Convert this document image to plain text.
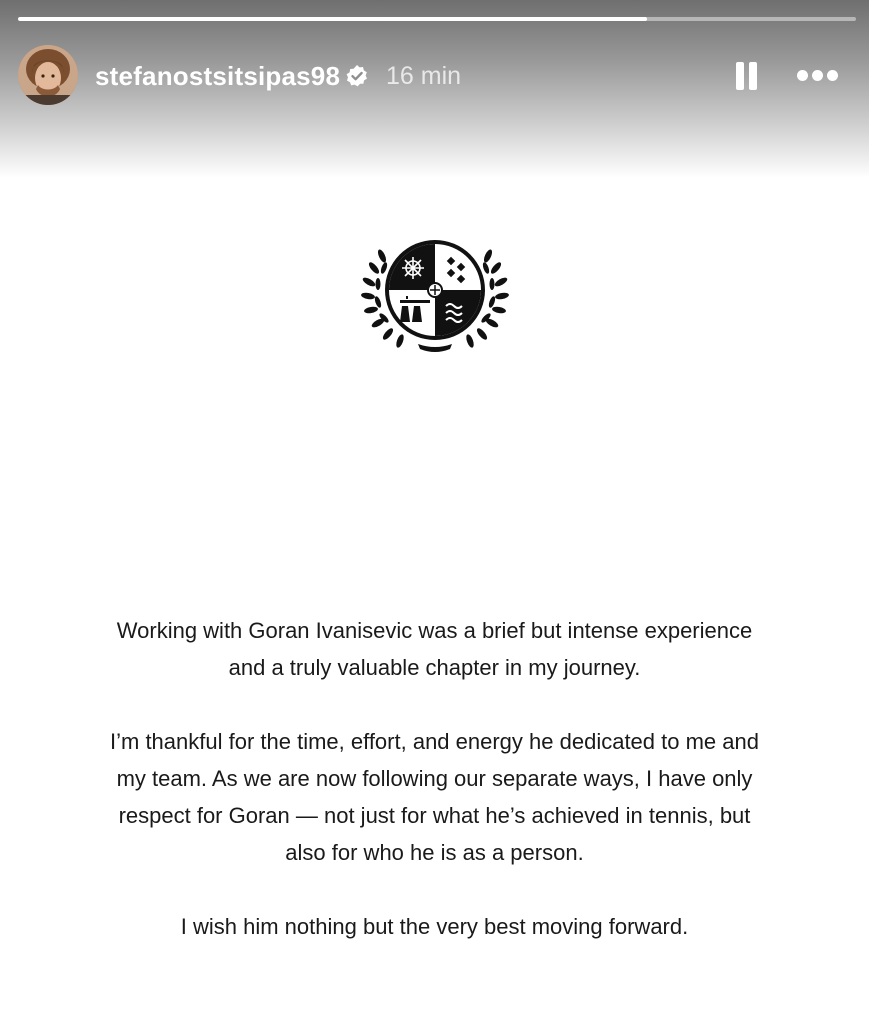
stefanostsitsipas98 16 min

Working with Goran Ivanisevic was a brief but intense experience and a truly valuable chapter in my journey.

I’m thankful for the time, effort, and energy he dedicated to me and my team. As we are now following our separate ways, I have only respect for Goran — not just for what he’s achieved in tennis, but also for who he is as a person.

I wish him nothing but the very best moving forward.
